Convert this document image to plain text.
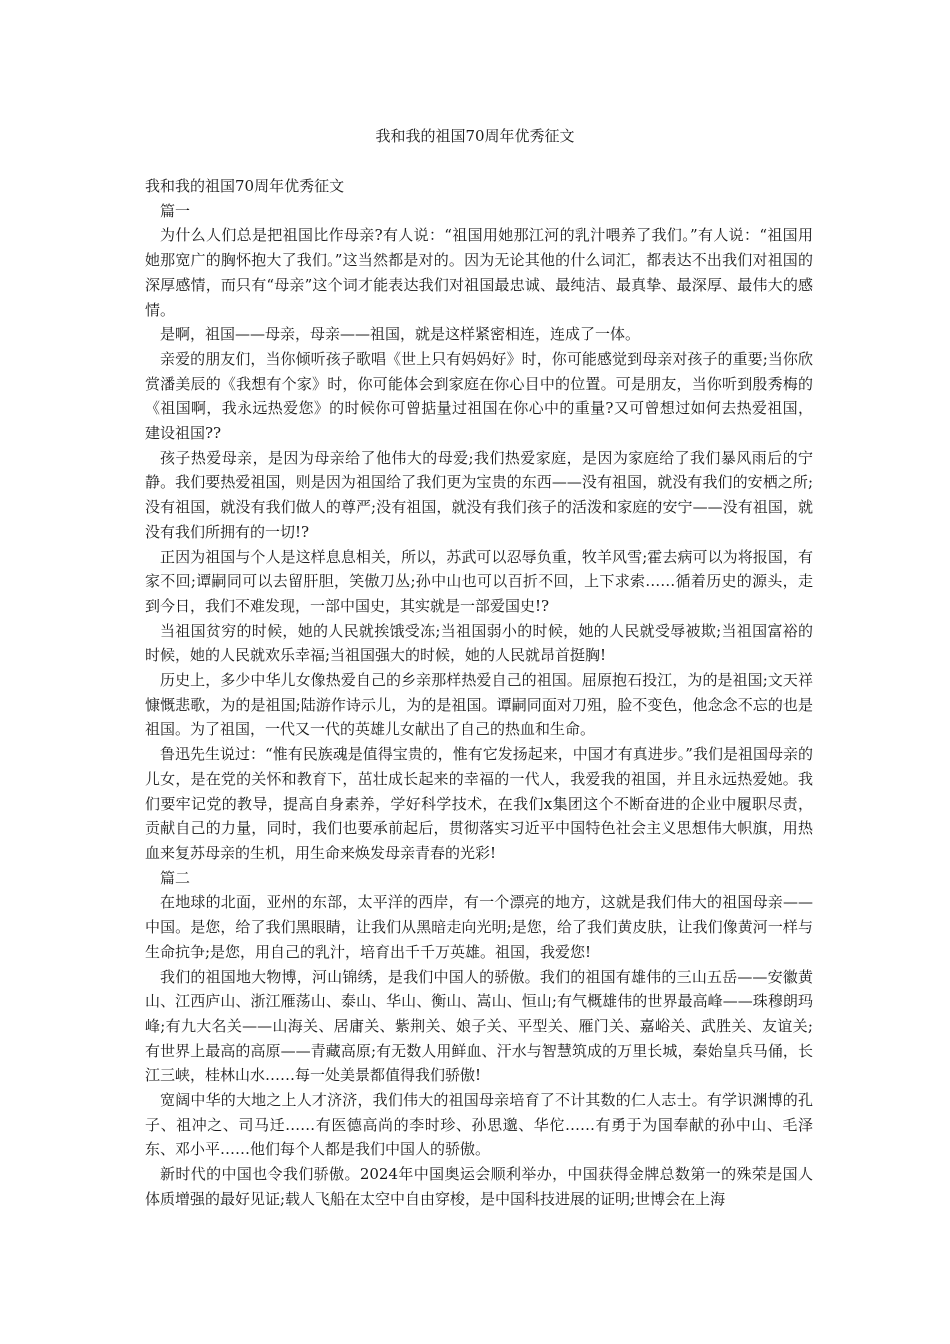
我和我的祖国70周年优秀征文

我和我的祖国70周年优秀征文

篇一

为什么人们总是把祖国比作母亲?有人说：“祖国用她那江河的乳汁喂养了我们。”有人说：“祖国用她那宽广的胸怀抱大了我们。”这当然都是对的。因为无论其他的什么词汇，都表达不出我们对祖国的深厚感情，而只有“母亲”这个词才能表达我们对祖国最忠诚、最纯洁、最真挚、最深厚、最伟大的感情。

是啊，祖国——母亲，母亲——祖国，就是这样紧密相连，连成了一体。

亲爱的朋友们，当你倾听孩子歌唱《世上只有妈妈好》时，你可能感觉到母亲对孩子的重要;当你欣赏潘美辰的《我想有个家》时，你可能体会到家庭在你心目中的位置。可是朋友，当你听到殷秀梅的《祖国啊，我永远热爱您》的时候你可曾掂量过祖国在你心中的重量?又可曾想过如何去热爱祖国，建设祖国??

孩子热爱母亲，是因为母亲给了他伟大的母爱;我们热爱家庭，是因为家庭给了我们暴风雨后的宁静。我们要热爱祖国，则是因为祖国给了我们更为宝贵的东西——没有祖国，就没有我们的安栖之所;没有祖国，就没有我们做人的尊严;没有祖国，就没有我们孩子的活泼和家庭的安宁——没有祖国，就没有我们所拥有的一切!?

正因为祖国与个人是这样息息相关，所以，苏武可以忍辱负重，牧羊风雪;霍去病可以为将报国，有家不回;谭嗣同可以去留肝胆，笑傲刀丛;孙中山也可以百折不回，上下求索……循着历史的源头，走到今日，我们不难发现，一部中国史，其实就是一部爱国史!?

当祖国贫穷的时候，她的人民就挨饿受冻;当祖国弱小的时候，她的人民就受辱被欺;当祖国富裕的时候，她的人民就欢乐幸福;当祖国强大的时候，她的人民就昂首挺胸!

历史上，多少中华儿女像热爱自己的乡亲那样热爱自己的祖国。屈原抱石投江，为的是祖国;文天祥慷慨悲歌，为的是祖国;陆游作诗示儿，为的是祖国。谭嗣同面对刀殂，脸不变色，他念念不忘的也是祖国。为了祖国，一代又一代的英雄儿女献出了自己的热血和生命。

鲁迅先生说过：“惟有民族魂是值得宝贵的，惟有它发扬起来，中国才有真进步。”我们是祖国母亲的儿女，是在党的关怀和教育下，茁壮成长起来的幸福的一代人，我爱我的祖国，并且永远热爱她。我们要牢记党的教导，提高自身素养，学好科学技术，在我们x集团这个不断奋进的企业中履职尽责，贡献自己的力量，同时，我们也要承前起后，贯彻落实习近平中国特色社会主义思想伟大帜旗，用热血来复苏母亲的生机，用生命来焕发母亲青春的光彩!

篇二

在地球的北面，亚州的东部，太平洋的西岸，有一个漂亮的地方，这就是我们伟大的祖国母亲——中国。是您，给了我们黑眼睛，让我们从黑暗走向光明;是您，给了我们黄皮肤，让我们像黄河一样与生命抗争;是您，用自己的乳汁，培育出千千万英雄。祖国，我爱您!

我们的祖国地大物博，河山锦绣，是我们中国人的骄傲。我们的祖国有雄伟的三山五岳——安徽黄山、江西庐山、浙江雁荡山、泰山、华山、衡山、嵩山、恒山;有气概雄伟的世界最高峰——珠穆朗玛峰;有九大名关——山海关、居庸关、紫荆关、娘子关、平型关、雁门关、嘉峪关、武胜关、友谊关;有世界上最高的高原——青藏高原;有无数人用鲜血、汗水与智慧筑成的万里长城，秦始皇兵马俑，长江三峡，桂林山水……每一处美景都值得我们骄傲!

宽阔中华的大地之上人才济济，我们伟大的祖国母亲培育了不计其数的仁人志士。有学识渊博的孔子、祖冲之、司马迁……有医德高尚的李时珍、孙思邈、华佗……有勇于为国奉献的孙中山、毛泽东、邓小平……他们每个人都是我们中国人的骄傲。

新时代的中国也令我们骄傲。2024年中国奥运会顺利举办，中国获得金牌总数第一的殊荣是国人体质增强的最好见证;载人飞船在太空中自由穿梭，是中国科技进展的证明;世博会在上海
